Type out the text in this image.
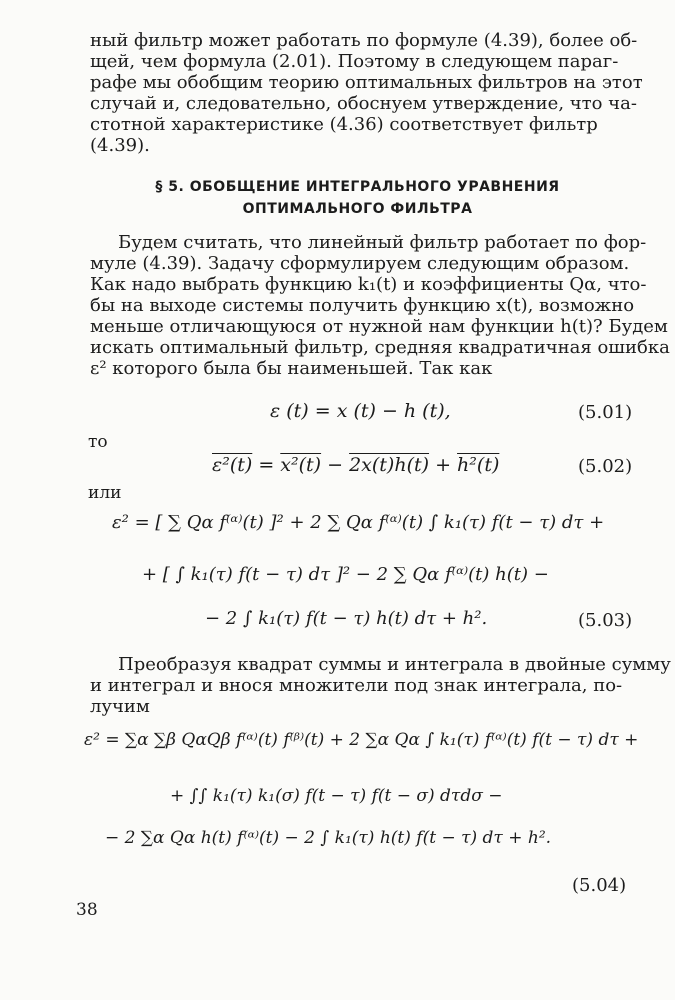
ный фильтр может работать по формуле (4.39), более об-
щей, чем формула (2.01). Поэтому в следующем параг-
рафе мы обобщим теорию оптимальных фильтров на этот
случай и, следовательно, обоснуем утверждение, что ча-
стотной характеристике (4.36) соответствует фильтр
(4.39).
§ 5. ОБОБЩЕНИЕ ИНТЕГРАЛЬНОГО УРАВНЕНИЯ
ОПТИМАЛЬНОГО ФИЛЬТРА
Будем считать, что линейный фильтр работает по фор-
муле (4.39). Задачу сформулируем следующим образом.
Как надо выбрать функцию k₁(t) и коэффициенты Qα, что-
бы на выходе системы получить функцию x(t), возможно
меньше отличающуюся от нужной нам функции h(t)? Будем
искать оптимальный фильтр, средняя квадратичная ошибка
ε² которого была бы наименьшей. Так как
ε (t) = x (t) − h (t),	(5.01)
то
ε²(t) = x²(t) − 2x(t)h(t) + h²(t)	(5.02)
или
ε² = [ ∑ Qα f⁽ᵅ⁾(t) ]² + 2 ∑ Qα f⁽ᵅ⁾(t) ∫ k₁(τ) f(t − τ) dτ +
+ [ ∫ k₁(τ) f(t − τ) dτ ]² − 2 ∑ Qα f⁽ᵅ⁾(t) h(t) −
− 2 ∫ k₁(τ) f(t − τ) h(t) dτ + h².	(5.03)
Преобразуя квадрат суммы и интеграла в двойные сумму
и интеграл и внося множители под знак интеграла, по-
лучим
ε² = ∑α ∑β QαQβ f⁽ᵅ⁾(t) f⁽ᵝ⁾(t) + 2 ∑α Qα ∫ k₁(τ) f⁽ᵅ⁾(t) f(t − τ) dτ +
+ ∫∫ k₁(τ) k₁(σ) f(t − τ) f(t − σ) dτdσ −
− 2 ∑α Qα h(t) f⁽ᵅ⁾(t) − 2 ∫ k₁(τ) h(t) f(t − τ) dτ + h².
(5.04)
38
